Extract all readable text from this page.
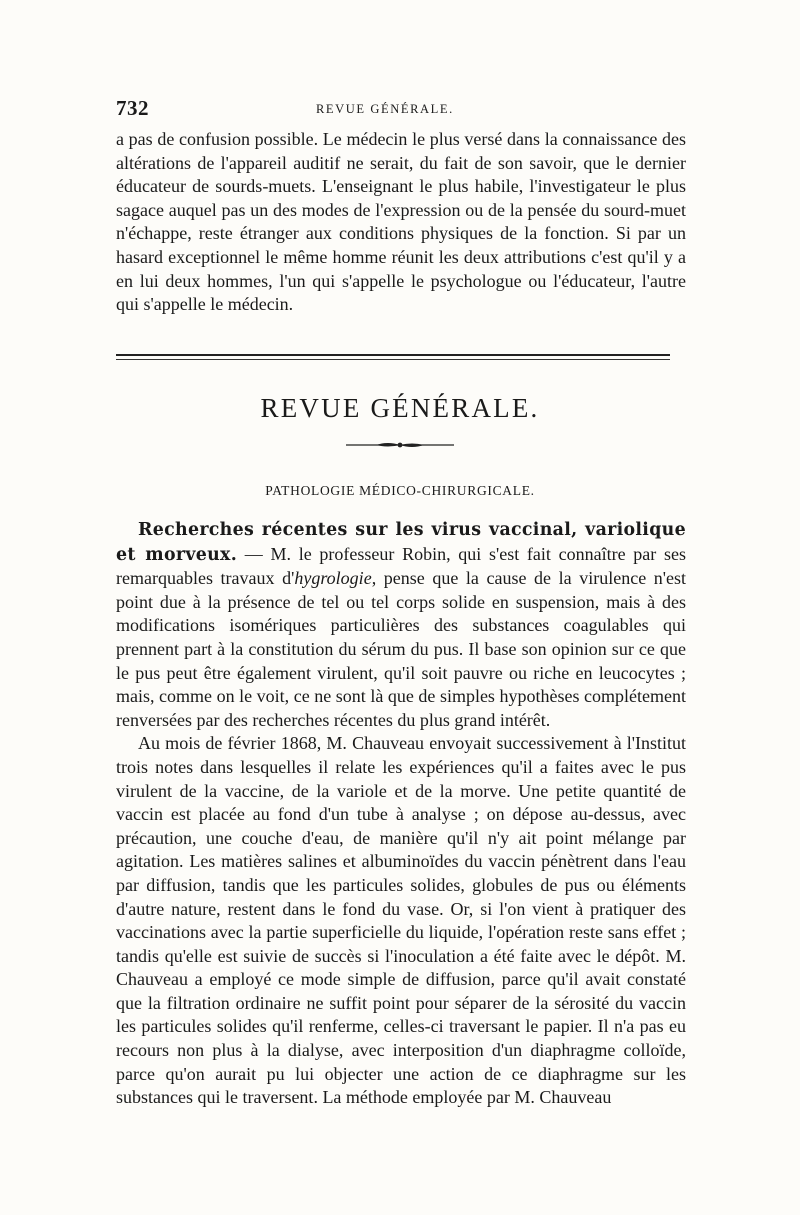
732	REVUE GÉNÉRALE.

a pas de confusion possible. Le médecin le plus versé dans la connaissance des altérations de l'appareil auditif ne serait, du fait de son savoir, que le dernier éducateur de sourds-muets. L'enseignant le plus habile, l'investigateur le plus sagace auquel pas un des modes de l'expression ou de la pensée du sourd-muet n'échappe, reste étranger aux conditions physiques de la fonction. Si par un hasard exceptionnel le même homme réunit les deux attributions c'est qu'il y a en lui deux hommes, l'un qui s'appelle le psychologue ou l'éducateur, l'autre qui s'appelle le médecin.

REVUE GÉNÉRALE.
PATHOLOGIE MÉDICO-CHIRURGICALE.

Recherches récentes sur les virus vaccinal, variolique et morveux. — M. le professeur Robin, qui s'est fait connaître par ses remarquables travaux d'hygrologie, pense que la cause de la virulence n'est point due à la présence de tel ou tel corps solide en suspension, mais à des modifications isomériques particulières des substances coagulables qui prennent part à la constitution du sérum du pus. Il base son opinion sur ce que le pus peut être également virulent, qu'il soit pauvre ou riche en leucocytes ; mais, comme on le voit, ce ne sont là que de simples hypothèses complétement renversées par des recherches récentes du plus grand intérêt.

Au mois de février 1868, M. Chauveau envoyait successivement à l'Institut trois notes dans lesquelles il relate les expériences qu'il a faites avec le pus virulent de la vaccine, de la variole et de la morve. Une petite quantité de vaccin est placée au fond d'un tube à analyse ; on dépose au-dessus, avec précaution, une couche d'eau, de manière qu'il n'y ait point mélange par agitation. Les matières salines et albuminoïdes du vaccin pénètrent dans l'eau par diffusion, tandis que les particules solides, globules de pus ou éléments d'autre nature, restent dans le fond du vase. Or, si l'on vient à pratiquer des vaccinations avec la partie superficielle du liquide, l'opération reste sans effet ; tandis qu'elle est suivie de succès si l'inoculation a été faite avec le dépôt. M. Chauveau a employé ce mode simple de diffusion, parce qu'il avait constaté que la filtration ordinaire ne suffit point pour séparer de la sérosité du vaccin les particules solides qu'il renferme, celles-ci traversant le papier. Il n'a pas eu recours non plus à la dialyse, avec interposition d'un diaphragme colloïde, parce qu'on aurait pu lui objecter une action de ce diaphragme sur les substances qui le traversent. La méthode employée par M. Chauveau
